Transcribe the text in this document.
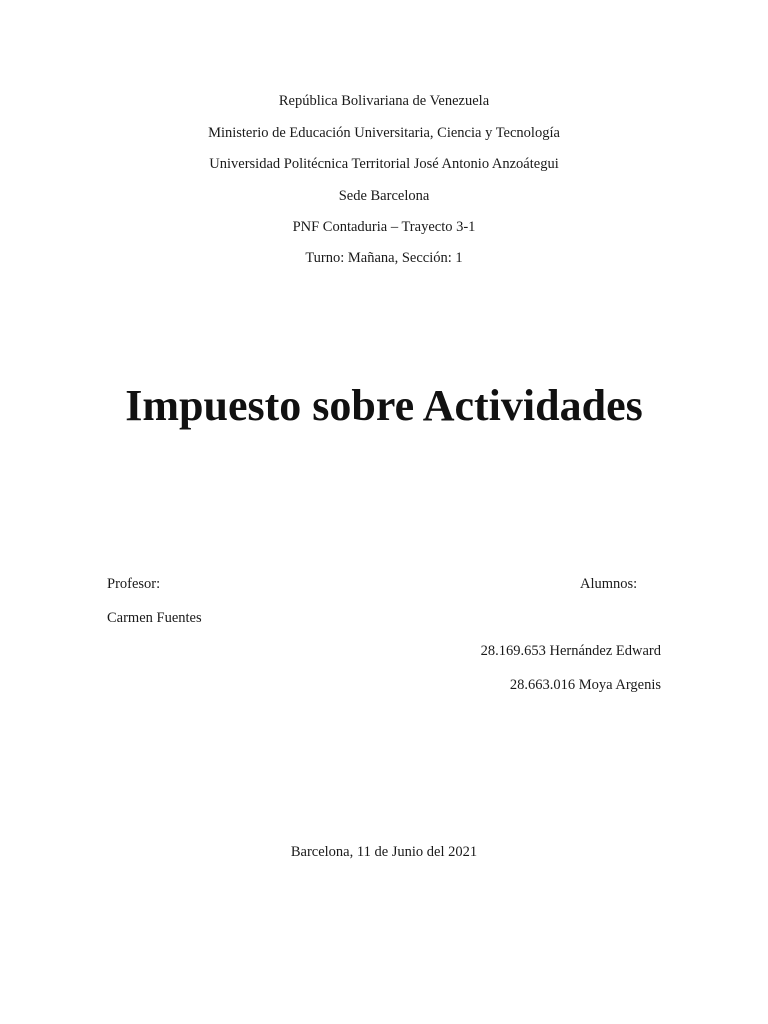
República Bolivariana de Venezuela
Ministerio de Educación Universitaria, Ciencia y Tecnología
Universidad Politécnica Territorial José Antonio Anzoátegui
Sede Barcelona
PNF Contaduria – Trayecto 3-1
Turno: Mañana, Sección: 1
Impuesto sobre Actividades
Profesor:	Alumnos:
Carmen Fuentes
28.169.653 Hernández Edward
28.663.016 Moya Argenis
Barcelona, 11 de Junio del 2021
